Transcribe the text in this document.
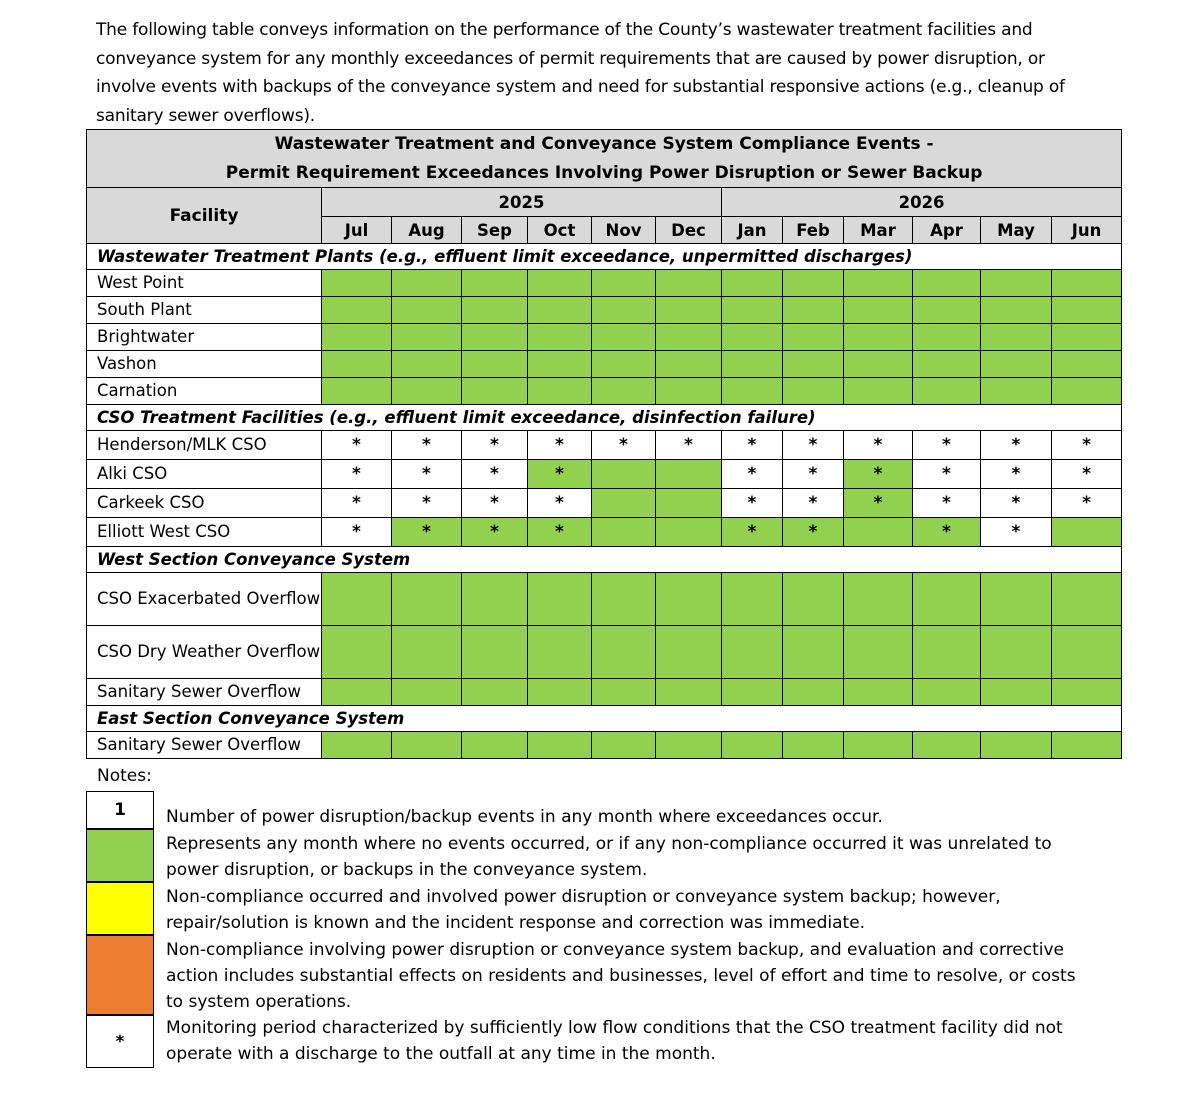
The following table conveys information on the performance of the County’s wastewater treatment facilities and conveyance system for any monthly exceedances of permit requirements that are caused by power disruption, or involve events with backups of the conveyance system and need for substantial responsive actions (e.g., cleanup of sanitary sewer overflows).

Wastewater Treatment and Conveyance System Compliance Events -
Permit Requirement Exceedances Involving Power Disruption or Sewer Backup												

Facility	2025						2026					
	Jul	Aug	Sep	Oct	Nov	Dec	Jan	Feb	Mar	Apr	May	Jun
Wastewater Treatment Plants (e.g., effluent limit exceedance, unpermitted discharges)												
West Point												
South Plant												
Brightwater												
Vashon												
Carnation												
CSO Treatment Facilities (e.g., effluent limit exceedance, disinfection failure)												
Henderson/MLK CSO	*	*	*	*	*	*	*	*	*	*	*	*
Alki CSO	*	*	*	*			*	*	*	*	*	*
Carkeek CSO	*	*	*	*			*	*	*	*	*	*
Elliott West CSO	*	*	*	*			*	*		*	*	
West Section Conveyance System												
CSO Exacerbated Overflow												
CSO Dry Weather Overflow												
Sanitary Sewer Overflow												
East Section Conveyance System												
Sanitary Sewer Overflow												
Notes:
1
*
Number of power disruption/backup events in any month where exceedances occur.
Represents any month where no events occurred, or if any non-compliance occurred it was unrelated to power disruption, or backups in the conveyance system.
Non-compliance occurred and involved power disruption or conveyance system backup; however, repair/solution is known and the incident response and correction was immediate.
Non-compliance involving power disruption or conveyance system backup, and evaluation and corrective action includes substantial effects on residents and businesses, level of effort and time to resolve, or costs to system operations.
Monitoring period characterized by sufficiently low flow conditions that the CSO treatment facility did not operate with a discharge to the outfall at any time in the month.
